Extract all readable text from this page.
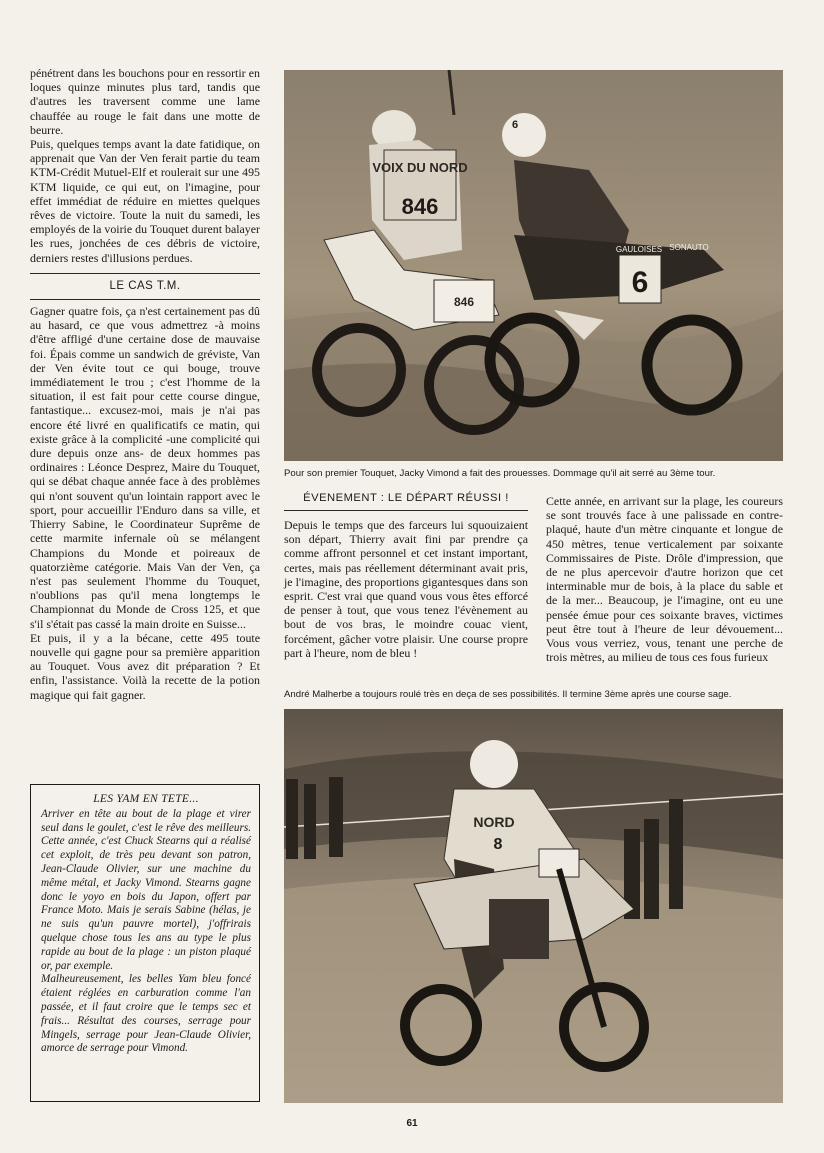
pénétrent dans les bouchons pour en ressortir en loques quinze minutes plus tard, tandis que d'autres les traversent comme une lame chauffée au rouge le fait dans une motte de beurre.

Puis, quelques temps avant la date fatidique, on apprenait que Van der Ven ferait partie du team KTM-Crédit Mutuel-Elf et roulerait sur une 495 KTM liquide, ce qui eut, on l'imagine, pour effet immédiat de réduire en miettes quelques rêves de victoire. Toute la nuit du samedi, les employés de la voirie du Touquet durent balayer les rues, jonchées de ces débris de victoire, derniers restes d'illusions perdues.

LE CAS T.M.

Gagner quatre fois, ça n'est certainement pas dû au hasard, ce que vous admettrez -à moins d'être affligé d'une certaine dose de mauvaise foi. Épais comme un sandwich de gréviste, Van der Ven évite tout ce qui bouge, trouve immédiatement le trou ; c'est l'homme de la situation, il est fait pour cette course dingue, fantastique... excusez-moi, mais je n'ai pas encore été livré en qualificatifs ce matin, qui existe grâce à la complicité -une complicité qui dure depuis onze ans- de deux hommes pas ordinaires : Léonce Desprez, Maire du Touquet, qui se débat chaque année face à des problèmes qui n'ont souvent qu'un lointain rapport avec le sport, pour accueillir l'Enduro dans sa ville, et Thierry Sabine, le Coordinateur Suprême de cette marmite infernale où se mélangent Champions du Monde et poireaux de quatorzième catégorie. Mais Van der Ven, ça n'est pas seulement l'homme du Touquet, n'oublions pas qu'il mena longtemps le Championnat du Monde de Cross 125, et que s'il s'était pas cassé la main droite en Suisse...

Et puis, il y a la bécane, cette 495 toute nouvelle qui gagne pour sa première apparition au Touquet. Vous avez dit préparation ? Et enfin, l'assistance. Voilà la recette de la potion magique qui fait gagner.

LES YAM EN TETE...

Arriver en tête au bout de la plage et virer seul dans le goulet, c'est le rêve des meilleurs. Cette année, c'est Chuck Stearns qui a réalisé cet exploit, de très peu devant son patron, Jean-Claude Olivier, sur une machine du même métal, et Jacky Vimond. Stearns gagne donc le yoyo en bois du Japon, offert par France Moto. Mais je serais Sabine (hélas, je ne suis qu'un pauvre mortel), j'offrirais quelque chose tous les ans au type le plus rapide au bout de la plage : un piston plaqué or, par exemple.

Malheureusement, les belles Yam bleu foncé étaient réglées en carburation comme l'an passée, et il faut croire que le temps sec et frais... Résultat des courses, serrage pour Mingels, serrage pour Jean-Claude Olivier, amorce de serrage pour Vimond.

VOIX DU NORD
846
846
6
6
GAULOISES SONAUTO
Pour son premier Touquet, Jacky Vimond a fait des prouesses. Dommage qu'il ait serré au 3ème tour.
ÉVENEMENT : LE DÉPART RÉUSSI !

Depuis le temps que des farceurs lui squouizaient son départ, Thierry avait fini par prendre ça comme affront personnel et cet instant important, certes, mais pas réellement déterminant avait pris, je l'imagine, des proportions gigantesques dans son esprit. C'est vrai que quand vous vous êtes efforcé de penser à tout, que vous tenez l'évènement au bout de vos bras, le moindre couac vient, forcément, gâcher votre plaisir. Une course propre part à l'heure, nom de bleu !

Cette année, en arrivant sur la plage, les coureurs se sont trouvés face à une palissade en contre-plaqué, haute d'un mètre cinquante et longue de 450 mètres, tenue verticalement par soixante Commissaires de Piste. Drôle d'impression, que de ne plus apercevoir d'autre horizon que cet interminable mur de bois, à la place du sable et de la mer... Beaucoup, je l'imagine, ont eu une pensée émue pour ces soixante braves, victimes peut être tout à l'heure de leur dévouement... Vous vous verriez, vous, tenant une perche de trois mètres, au milieu de tous ces fous furieux

André Malherbe a toujours roulé très en deça de ses possibilités. Il termine 3ème après une course sage.
NORD
8
61
